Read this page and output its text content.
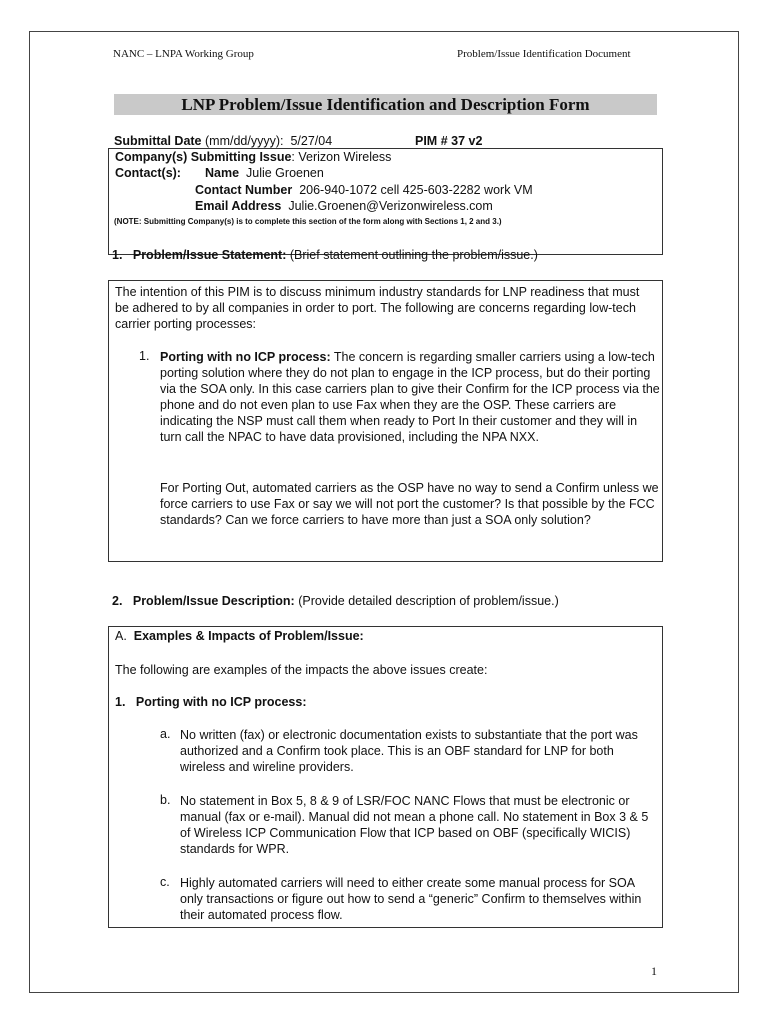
NANC – LNPA Working Group	Problem/Issue Identification Document
LNP Problem/Issue Identification and Description Form
Submittal Date (mm/dd/yyyy): 5/27/04	PIM # 37 v2
Company(s) Submitting Issue: Verizon Wireless
Contact(s): Name Julie Groenen
Contact Number 206-940-1072 cell 425-603-2282 work VM
Email Address Julie.Groenen@Verizonwireless.com
(NOTE: Submitting Company(s) is to complete this section of the form along with Sections 1, 2 and 3.)
1. Problem/Issue Statement: (Brief statement outlining the problem/issue.)
The intention of this PIM is to discuss minimum industry standards for LNP readiness that must be adhered to by all companies in order to port. The following are concerns regarding low-tech carrier porting processes:
1. Porting with no ICP process: The concern is regarding smaller carriers using a low-tech porting solution where they do not plan to engage in the ICP process, but do their porting via the SOA only. In this case carriers plan to give their Confirm for the ICP process via the phone and do not even plan to use Fax when they are the OSP. These carriers are indicating the NSP must call them when ready to Port In their customer and they will in turn call the NPAC to have data provisioned, including the NPA NXX.
For Porting Out, automated carriers as the OSP have no way to send a Confirm unless we force carriers to use Fax or say we will not port the customer? Is that possible by the FCC standards? Can we force carriers to have more than just a SOA only solution?
2. Problem/Issue Description: (Provide detailed description of problem/issue.)
A. Examples & Impacts of Problem/Issue:
The following are examples of the impacts the above issues create:
1. Porting with no ICP process:
a. No written (fax) or electronic documentation exists to substantiate that the port was authorized and a Confirm took place. This is an OBF standard for LNP for both wireless and wireline providers.
b. No statement in Box 5, 8 & 9 of LSR/FOC NANC Flows that must be electronic or manual (fax or e-mail). Manual did not mean a phone call. No statement in Box 3 & 5 of Wireless ICP Communication Flow that ICP based on OBF (specifically WICIS) standards for WPR.
c. Highly automated carriers will need to either create some manual process for SOA only transactions or figure out how to send a “generic” Confirm to themselves within their automated process flow.
1
